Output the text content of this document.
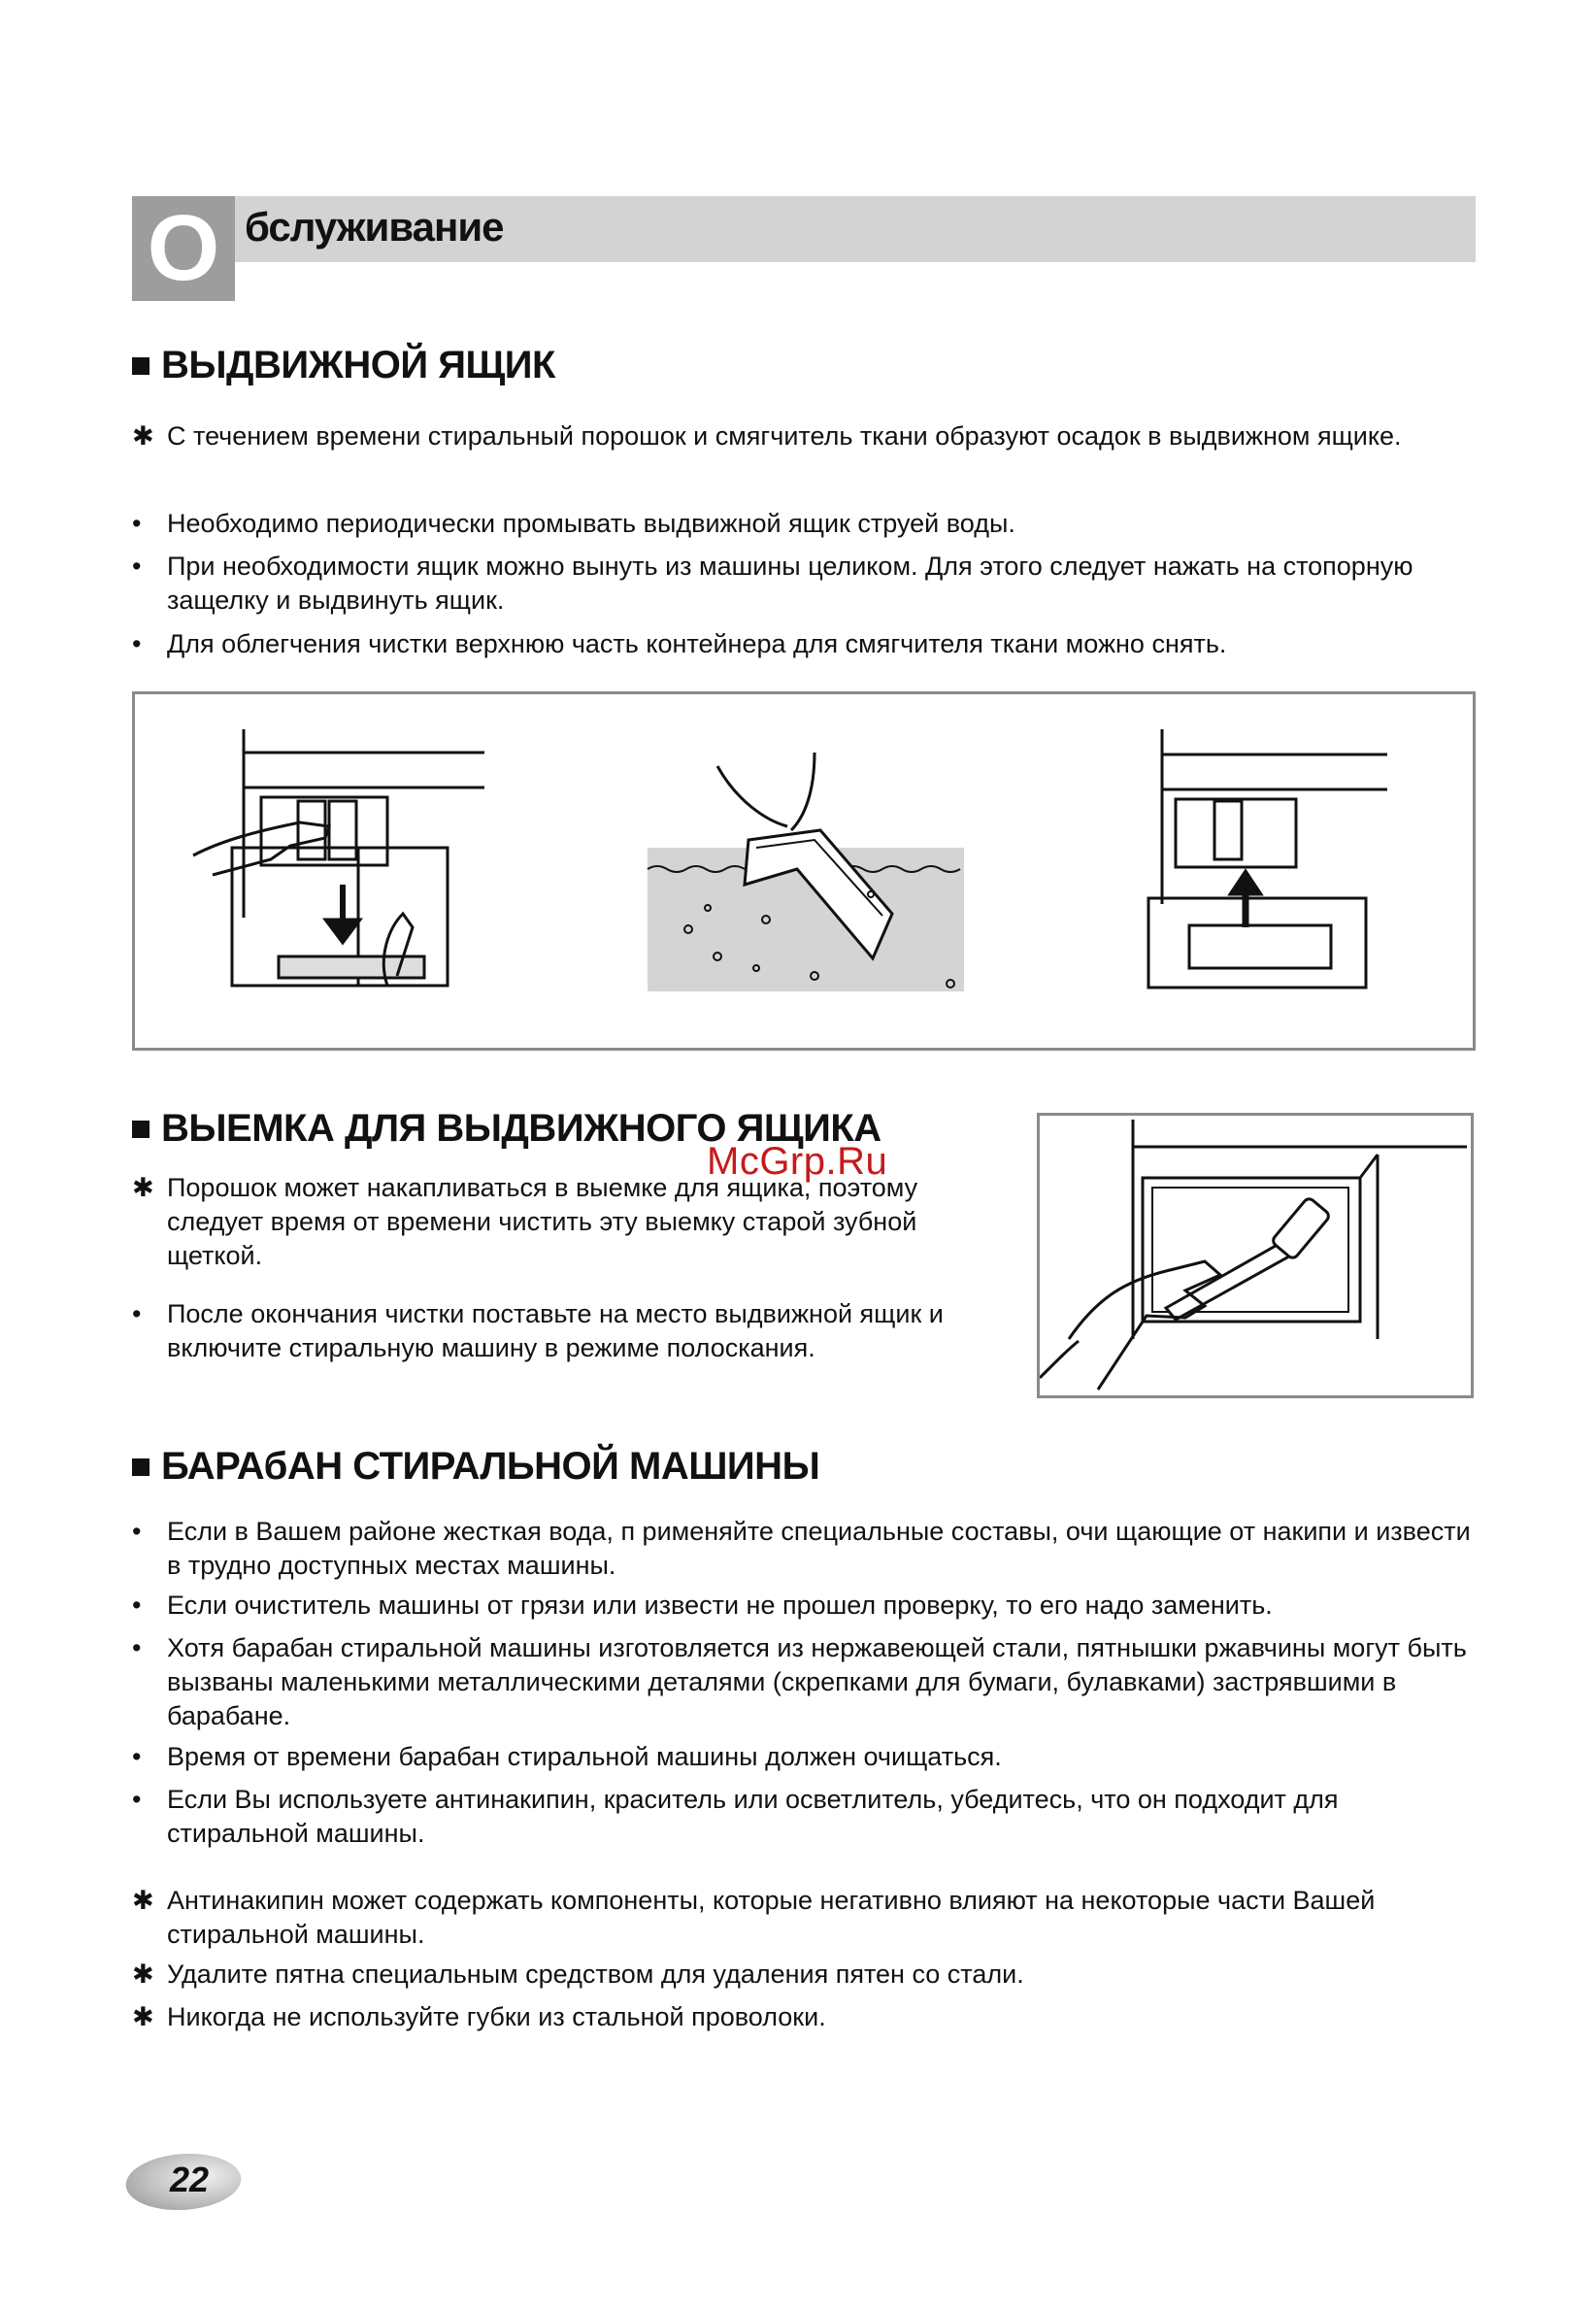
О бслуживание
ВЫДВИЖНОЙ ЯЩИК
✱ С течением времени стиральный порошок и смягчитель ткани образуют осадок в выдвижном ящике.
• Необходимо периодически промывать выдвижной ящик струей воды.
• При необходимости ящик можно вынуть из машины целиком. Для этого следует нажать на стопорную защелку и выдвинуть ящик.
• Для облегчения чистки верхнюю часть контейнера для смягчителя ткани можно снять.
ВЫЕМКА ДЛЯ ВЫДВИЖНОГО ЯЩИКА
✱ Порошок может накапливаться в выемке для ящика, поэтому следует время от времени чистить эту выемку старой зубной щеткой.
• После окончания чистки поставьте на место выдвижной ящик и включите стиральную машину в режиме полоскания.
БАРАбАН СТИРАЛЬНОЙ МАШИНЫ
• Если в Вашем районе жесткая вода, п рименяйте специальные составы, очи щающие от накипи и извести в трудно доступных местах машины.
• Если очиститель машины от грязи или извести не прошел проверку, то его надо заменить.
• Хотя барабан стиральной машины изготовляется из нержавеющей стали, пятнышки ржавчины могут быть вызваны маленькими металлическими деталями (скрепками для бумаги, булавками) застрявшими в барабане.
• Время от времени барабан стиральной машины должен очищаться.
• Если Вы используете антинакипин, краситель или осветлитель, убедитесь, что он подходит для стиральной машины.
✱ Антинакипин может содержать компоненты, которые негативно влияют на некоторые части Вашей стиральной машины.
✱ Удалите пятна специальным средством для удаления пятен со стали.
✱ Никогда не используйте губки из стальной проволоки.
22
McGrp.Ru
